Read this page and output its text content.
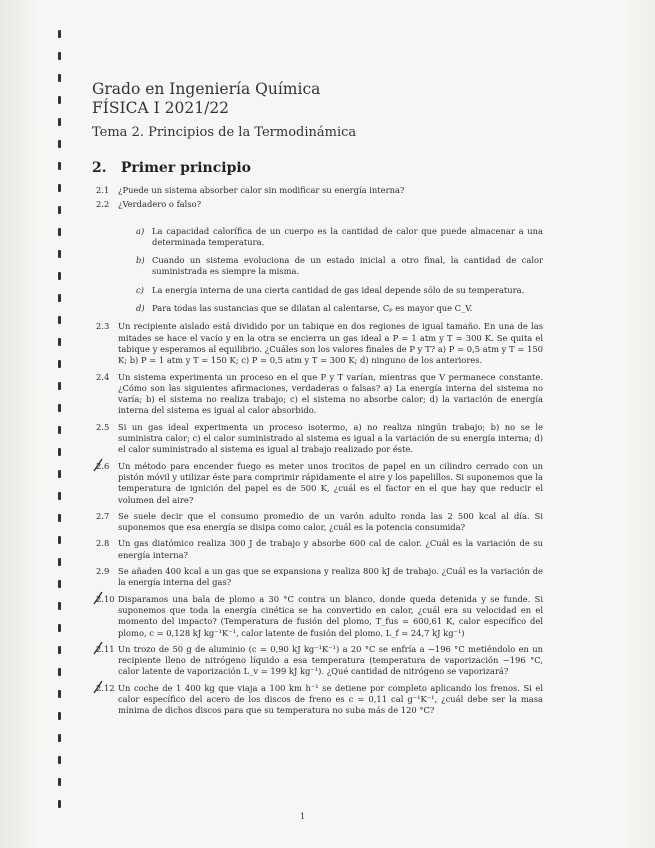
Grado en Ingeniería Química
FÍSICA I 2021/22
Tema 2. Principios de la Termodinámica
2. Primer principio
2.1	¿Puede un sistema absorber calor sin modificar su energía interna?
2.2	¿Verdadero o falso?
a) La capacidad calorífica de un cuerpo es la cantidad de calor que puede almacenar a una determinada temperatura.
b) Cuando un sistema evoluciona de un estado inicial a otro final, la cantidad de calor suministrada es siempre la misma.
c) La energía interna de una cierta cantidad de gas ideal depende sólo de su temperatura.
d) Para todas las sustancias que se dilatan al calentarse, Cₚ es mayor que C_V.
2.3	Un recipiente aislado está dividido por un tabique en dos regiones de igual tamaño. En una de las mitades se hace el vacío y en la otra se encierra un gas ideal a P = 1 atm y T = 300 K. Se quita el tabique y esperamos al equilibrio. ¿Cuáles son los valores finales de P y T? a) P = 0,5 atm y T = 150 K; b) P = 1 atm y T = 150 K; c) P = 0,5 atm y T = 300 K; d) ninguno de los anteriores.
2.4	Un sistema experimenta un proceso en el que P y T varían, mientras que V permanece constante. ¿Cómo son las siguientes afirmaciones, verdaderas o falsas? a) La energía interna del sistema no varía; b) el sistema no realiza trabajo; c) el sistema no absorbe calor; d) la variación de energía interna del sistema es igual al calor absorbido.
2.5	Si un gas ideal experimenta un proceso isotermo, a) no realiza ningún trabajo; b) no se le suministra calor; c) el calor suministrado al sistema es igual a la variación de su energía interna; d) el calor suministrado al sistema es igual al trabajo realizado por éste.
2.6	Un método para encender fuego es meter unos trocitos de papel en un cilindro cerrado con un pistón móvil y utilizar éste para comprimir rápidamente el aire y los papelillos. Si suponemos que la temperatura de ignición del papel es de 500 K, ¿cuál es el factor en el que hay que reducir el volumen del aire?
2.7	Se suele decir que el consumo promedio de un varón adulto ronda las 2 500 kcal al día. Si suponemos que esa energía se disipa como calor, ¿cuál es la potencia consumida?
2.8	Un gas diatómico realiza 300 J de trabajo y absorbe 600 cal de calor. ¿Cuál es la variación de su energía interna?
2.9	Se añaden 400 kcal a un gas que se expansiona y realiza 800 kJ de trabajo. ¿Cuál es la variación de la energía interna del gas?
2.10 Disparamos una bala de plomo a 30 °C contra un blanco, donde queda detenida y se funde. Si suponemos que toda la energía cinética se ha convertido en calor, ¿cuál era su velocidad en el momento del impacto? (Temperatura de fusión del plomo, T_fus = 600,61 K, calor específico del plomo, c = 0,128 kJ kg⁻¹K⁻¹, calor latente de fusión del plomo, L_f = 24,7 kJ kg⁻¹)
2.11 Un trozo de 50 g de aluminio (c = 0,90 kJ kg⁻¹K⁻¹) a 20 °C se enfría a −196 °C metiéndolo en un recipiente lleno de nitrógeno líquido a esa temperatura (temperatura de vaporización −196 °C, calor latente de vaporización L_v = 199 kJ kg⁻¹). ¿Qué cantidad de nitrógeno se vaporizará?
2.12 Un coche de 1 400 kg que viaja a 100 km h⁻¹ se detiene por completo aplicando los frenos. Si el calor específico del acero de los discos de freno es c = 0,11 cal g⁻¹K⁻¹, ¿cuál debe ser la masa mínima de dichos discos para que su temperatura no suba más de 120 °C?
1
